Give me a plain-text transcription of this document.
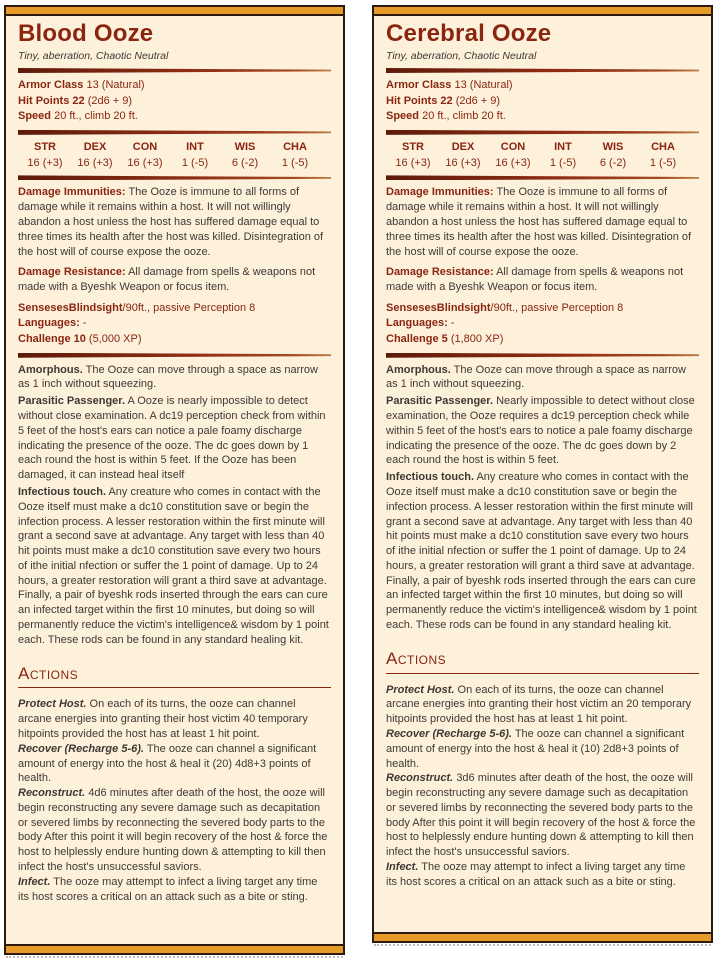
Blood Ooze
Tiny, aberration, Chaotic Neutral
Armor Class 13 (Natural)
Hit Points 22 (2d6 + 9)
Speed 20 ft., climb 20 ft.
STR
16 (+3)
DEX
16 (+3)
CON
16 (+3)
INT
1 (-5)
WIS
6 (-2)
CHA
1 (-5)

Damage Immunities: The Ooze is immune to all forms of damage while it remains within a host. It will not willingly abandon a host unless the host has suffered damage equal to three times its health after the host was killed. Disintegration of the host will of course expose the ooze.

Damage Resistance: All damage from spells & weapons not made with a Byeshk Weapon or focus item.

SensesesBlindsight/90ft., passive Perception 8
Languages: -
Challenge 10 (5,000 XP)

Amorphous. The Ooze can move through a space as narrow as 1 inch without squeezing.

Parasitic Passenger. A Ooze is nearly impossible to detect without close examination. A dc19 perception check from within 5 feet of the host's ears can notice a pale foamy discharge indicating the presence of the ooze. The dc goes down by 1 each round the host is within 5 feet. If the Ooze has been damaged, it can instead heal itself

Infectious touch. Any creature who comes in contact with the Ooze itself must make a dc10 constitution save or begin the infection process. A lesser restoration within the first minute will grant a second save at advantage. Any target with less than 40 hit points must make a dc10 constitution save every two hours of ithe initial nfection or suffer the 1 point of damage. Up to 24 hours, a greater restoration will grant a third save at advantage. Finally, a pair of byeshk rods inserted through the ears can cure an infected target within the first 10 minutes, but doing so will permanently reduce the victim's intelligence& wisdom by 1 point each. These rods can be found in any standard healing kit.

Actions

Protect Host. On each of its turns, the ooze can channel arcane energies into granting their host victim 40 temporary hitpoints provided the host has at least 1 hit point.

Recover (Recharge 5-6). The ooze can channel a significant amount of energy into the host & heal it (20) 4d8+3 points of health.

Reconstruct. 4d6 minutes after death of the host, the ooze will begin reconstructing any severe damage such as decapitation or severed limbs by reconnecting the severed body parts to the body After this point it will begin recovery of the host & force the host to helplessly endure hunting down & attempting to kill then infect the host's unsuccessful saviors.

Infect. The ooze may attempt to infect a living target any time its host scores a critical on an attack such as a bite or sting.

Cerebral Ooze
Tiny, aberration, Chaotic Neutral
Armor Class 13 (Natural)
Hit Points 22 (2d6 + 9)
Speed 20 ft., climb 20 ft.
STR
16 (+3)
DEX
16 (+3)
CON
16 (+3)
INT
1 (-5)
WIS
6 (-2)
CHA
1 (-5)

Damage Immunities: The Ooze is immune to all forms of damage while it remains within a host. It will not willingly abandon a host unless the host has suffered damage equal to three times its health after the host was killed. Disintegration of the host will of course expose the ooze.

Damage Resistance: All damage from spells & weapons not made with a Byeshk Weapon or focus item.

SensesesBlindsight/90ft., passive Perception 8
Languages: -
Challenge 5 (1,800 XP)

Amorphous. The Ooze can move through a space as narrow as 1 inch without squeezing.

Parasitic Passenger. Nearly impossible to detect without close examination, the Ooze requires a dc19 perception check while within 5 feet of the host's ears to notice a pale foamy discharge indicating the presence of the ooze. The dc goes down by 2 each round the host is within 5 feet.

Infectious touch. Any creature who comes in contact with the Ooze itself must make a dc10 constitution save or begin the infection process. A lesser restoration within the first minute will grant a second save at advantage. Any target with less than 40 hit points must make a dc10 constitution save every two hours of ithe initial nfection or suffer the 1 point of damage. Up to 24 hours, a greater restoration will grant a third save at advantage. Finally, a pair of byeshk rods inserted through the ears can cure an infected target within the first 10 minutes, but doing so will permanently reduce the victim's intelligence& wisdom by 1 point each. These rods can be found in any standard healing kit.

Actions

Protect Host. On each of its turns, the ooze can channel arcane energies into granting their host victim an 20 temporary hitpoints provided the host has at least 1 hit point.

Recover (Recharge 5-6). The ooze can channel a significant amount of energy into the host & heal it (10) 2d8+3 points of health.

Reconstruct. 3d6 minutes after death of the host, the ooze will begin reconstructing any severe damage such as decapitation or severed limbs by reconnecting the severed body parts to the body After this point it will begin recovery of the host & force the host to helplessly endure hunting down & attempting to kill then infect the host's unsuccessful saviors.

Infect. The ooze may attempt to infect a living target any time its host scores a critical on an attack such as a bite or sting.
